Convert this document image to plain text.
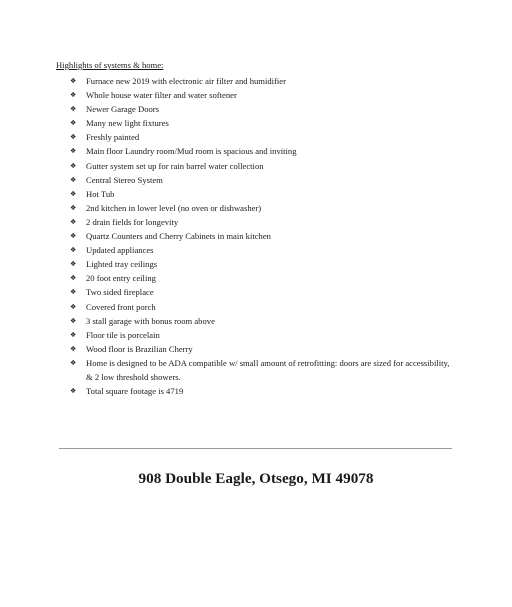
Highlights of systems & home:
❖	Furnace new 2019 with electronic air filter and humidifier
❖	Whole house water filter and water softener
❖	Newer Garage Doors
❖	Many new light fixtures
❖	Freshly painted
❖	Main floor Laundry room/Mud room is spacious and inviting
❖	Gutter system set up for rain barrel water collection
❖	Central Stereo System
❖	Hot Tub
❖	2nd kitchen in lower level (no oven or dishwasher)
❖	2 drain fields for longevity
❖	Quartz Counters and Cherry Cabinets in main kitchen
❖	Updated appliances
❖	Lighted tray ceilings
❖	20 foot entry ceiling
❖	Two sided fireplace
❖	Covered front porch
❖	3 stall garage with bonus room above
❖	Floor tile is porcelain
❖	Wood floor is Brazilian Cherry
❖	Home is designed to be ADA compatible w/ small amount of retrofitting: doors are sized for accessibility, & 2 low threshold showers.
❖	Total square footage is 4719
908 Double Eagle, Otsego, MI 49078
